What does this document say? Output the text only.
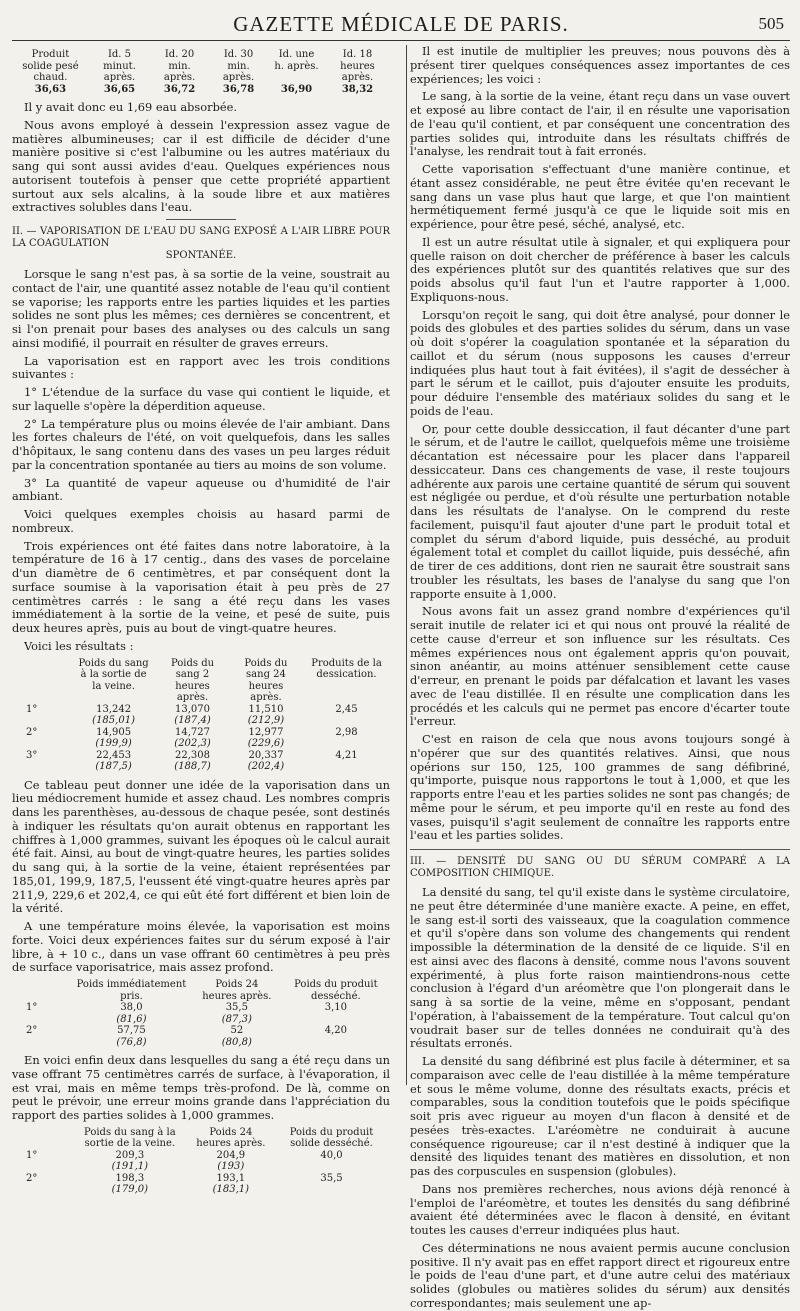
GAZETTE MÉDICALE DE PARIS.	505
Produit solide pesé chaud.	Id. 5 minut. après.	Id. 20 min. après.	Id. 30 min. après.	Id. une h. après.	Id. 18 heures après.
36,63	36,65	36,72	36,78	36,90	38,32

Il y avait donc eu 1,69 eau absorbée.

Nous avons employé à dessein l'expression assez vague de matières albumineuses; car il est difficile de décider d'une manière positive si c'est l'albumine ou les autres matériaux du sang qui sont aussi avides d'eau. Quelques expériences nous autorisent toutefois à penser que cette propriété appartient surtout aux sels alcalins, à la soude libre et aux matières extractives solubles dans l'eau.

II. — VAPORISATION DE L'EAU DU SANG EXPOSÉ A L'AIR LIBRE POUR LA COAGULATION
SPONTANÉE.

Lorsque le sang n'est pas, à sa sortie de la veine, soustrait au contact de l'air, une quantité assez notable de l'eau qu'il contient se vaporise; les rapports entre les parties liquides et les parties solides ne sont plus les mêmes; ces dernières se concentrent, et si l'on prenait pour bases des analyses ou des calculs un sang ainsi modifié, il pourrait en résulter de graves erreurs.

La vaporisation est en rapport avec les trois conditions suivantes :

1° L'étendue de la surface du vase qui contient le liquide, et sur laquelle s'opère la déperdition aqueuse.

2° La température plus ou moins élevée de l'air ambiant. Dans les fortes chaleurs de l'été, on voit quelquefois, dans les salles d'hôpitaux, le sang contenu dans des vases un peu larges réduit par la concentration spontanée au tiers au moins de son volume.

3° La quantité de vapeur aqueuse ou d'humidité de l'air ambiant.

Voici quelques exemples choisis au hasard parmi de nombreux.

Trois expériences ont été faites dans notre laboratoire, à la température de 16 à 17 centig., dans des vases de porcelaine d'un diamètre de 6 centimètres, et par conséquent dont la surface soumise à la vaporisation était à peu près de 27 centimètres carrés : le sang a été reçu dans les vases immédiatement à la sortie de la veine, et pesé de suite, puis deux heures après, puis au bout de vingt-quatre heures.

Voici les résultats :

	Poids du sang à la sortie de la veine.	Poids du sang 2 heures après.	Poids du sang 24 heures après.	Produits de la dessication.
1°	13,242	13,070	11,510	2,45
	(185,01)	(187,4)	(212,9)	
2°	14,905	14,727	12,977	2,98
	(199,9)	(202,3)	(229,6)	
3°	22,453	22,308	20,337	4,21
	(187,5)	(188,7)	(202,4)	

Ce tableau peut donner une idée de la vaporisation dans un lieu médiocrement humide et assez chaud. Les nombres compris dans les parenthèses, au-dessous de chaque pesée, sont destinés à indiquer les résultats qu'on aurait obtenus en rapportant les chiffres à 1,000 grammes, suivant les époques où le calcul aurait été fait. Ainsi, au bout de vingt-quatre heures, les parties solides du sang qui, à la sortie de la veine, étaient représentées par 185,01, 199,9, 187,5, l'eussent été vingt-quatre heures après par 211,9, 229,6 et 202,4, ce qui eût été fort différent et bien loin de la vérité.

A une température moins élevée, la vaporisation est moins forte. Voici deux expériences faites sur du sérum exposé à l'air libre, à + 10 c., dans un vase offrant 60 centimètres à peu près de surface vaporisatrice, mais assez profond.

	Poids immédiatement pris.	Poids 24 heures après.	Poids du produit desséché.
1°	38,0	35,5	3,10
	(81,6)	(87,3)	
2°	57,75	52	4,20
	(76,8)	(80,8)	

En voici enfin deux dans lesquelles du sang a été reçu dans un vase offrant 75 centimètres carrés de surface, à l'évaporation, il est vrai, mais en même temps très-profond. De là, comme on peut le prévoir, une erreur moins grande dans l'appréciation du rapport des parties solides à 1,000 grammes.

	Poids du sang à la sortie de la veine.	Poids 24 heures après.	Poids du produit solide desséché.
1°	209,3	204,9	40,0
	(191,1)	(193)	
2°	198,3	193,1	35,5
	(179,0)	(183,1)	

Il est inutile de multiplier les preuves; nous pouvons dès à présent tirer quelques conséquences assez importantes de ces expériences; les voici :

Le sang, à la sortie de la veine, étant reçu dans un vase ouvert et exposé au libre contact de l'air, il en résulte une vaporisation de l'eau qu'il contient, et par conséquent une concentration des parties solides qui, introduite dans les résultats chiffrés de l'analyse, les rendrait tout à fait erronés.

Cette vaporisation s'effectuant d'une manière continue, et étant assez considérable, ne peut être évitée qu'en recevant le sang dans un vase plus haut que large, et que l'on maintient hermétiquement fermé jusqu'à ce que le liquide soit mis en expérience, pour être pesé, séché, analysé, etc.

Il est un autre résultat utile à signaler, et qui expliquera pour quelle raison on doit chercher de préférence à baser les calculs des expériences plutôt sur des quantités relatives que sur des poids absolus qu'il faut l'un et l'autre rapporter à 1,000. Expliquons-nous.

Lorsqu'on reçoit le sang, qui doit être analysé, pour donner le poids des globules et des parties solides du sérum, dans un vase où doit s'opérer la coagulation spontanée et la séparation du caillot et du sérum (nous supposons les causes d'erreur indiquées plus haut tout à fait évitées), il s'agit de dessécher à part le sérum et le caillot, puis d'ajouter ensuite les produits, pour déduire l'ensemble des matériaux solides du sang et le poids de l'eau.

Or, pour cette double dessiccation, il faut décanter d'une part le sérum, et de l'autre le caillot, quelquefois même une troisième décantation est nécessaire pour les placer dans l'appareil dessiccateur. Dans ces changements de vase, il reste toujours adhérente aux parois une certaine quantité de sérum qui souvent est négligée ou perdue, et d'où résulte une perturbation notable dans les résultats de l'analyse. On le comprend du reste facilement, puisqu'il faut ajouter d'une part le produit total et complet du sérum d'abord liquide, puis desséché, au produit également total et complet du caillot liquide, puis desséché, afin de tirer de ces additions, dont rien ne saurait être soustrait sans troubler les résultats, les bases de l'analyse du sang que l'on rapporte ensuite à 1,000.

Nous avons fait un assez grand nombre d'expériences qu'il serait inutile de relater ici et qui nous ont prouvé la réalité de cette cause d'erreur et son influence sur les résultats. Ces mêmes expériences nous ont également appris qu'on pouvait, sinon anéantir, au moins atténuer sensiblement cette cause d'erreur, en prenant le poids par défalcation et lavant les vases avec de l'eau distillée. Il en résulte une complication dans les procédés et les calculs qui ne permet pas encore d'écarter toute l'erreur.

C'est en raison de cela que nous avons toujours songé à n'opérer que sur des quantités relatives. Ainsi, que nous opérions sur 150, 125, 100 grammes de sang défibriné, qu'importe, puisque nous rapportons le tout à 1,000, et que les rapports entre l'eau et les parties solides ne sont pas changés; de même pour le sérum, et peu importe qu'il en reste au fond des vases, puisqu'il s'agit seulement de connaître les rapports entre l'eau et les parties solides.

III. — DENSITÉ DU SANG OU DU SÉRUM COMPARÉ A LA COMPOSITION CHIMIQUE.

La densité du sang, tel qu'il existe dans le système circulatoire, ne peut être déterminée d'une manière exacte. A peine, en effet, le sang est-il sorti des vaisseaux, que la coagulation commence et qu'il s'opère dans son volume des changements qui rendent impossible la détermination de la densité de ce liquide. S'il en est ainsi avec des flacons à densité, comme nous l'avons souvent expérimenté, à plus forte raison maintiendrons-nous cette conclusion à l'égard d'un aréomètre que l'on plongerait dans le sang à sa sortie de la veine, même en s'opposant, pendant l'opération, à l'abaissement de la température. Tout calcul qu'on voudrait baser sur de telles données ne conduirait qu'à des résultats erronés.

La densité du sang défibriné est plus facile à déterminer, et sa comparaison avec celle de l'eau distillée à la même température et sous le même volume, donne des résultats exacts, précis et comparables, sous la condition toutefois que le poids spécifique soit pris avec rigueur au moyen d'un flacon à densité et de pesées très-exactes. L'aréomètre ne conduirait à aucune conséquence rigoureuse; car il n'est destiné à indiquer que la densité des liquides tenant des matières en dissolution, et non pas des corpuscules en suspension (globules).

Dans nos premières recherches, nous avions déjà renoncé à l'emploi de l'aréomètre, et toutes les densités du sang défibriné avaient été déterminées avec le flacon à densité, en évitant toutes les causes d'erreur indiquées plus haut.

Ces déterminations ne nous avaient permis aucune conclusion positive. Il n'y avait pas en effet rapport direct et rigoureux entre le poids de l'eau d'une part, et d'une autre celui des matériaux solides (globules ou matières solides du sérum) aux densités correspondantes; mais seulement une ap-
